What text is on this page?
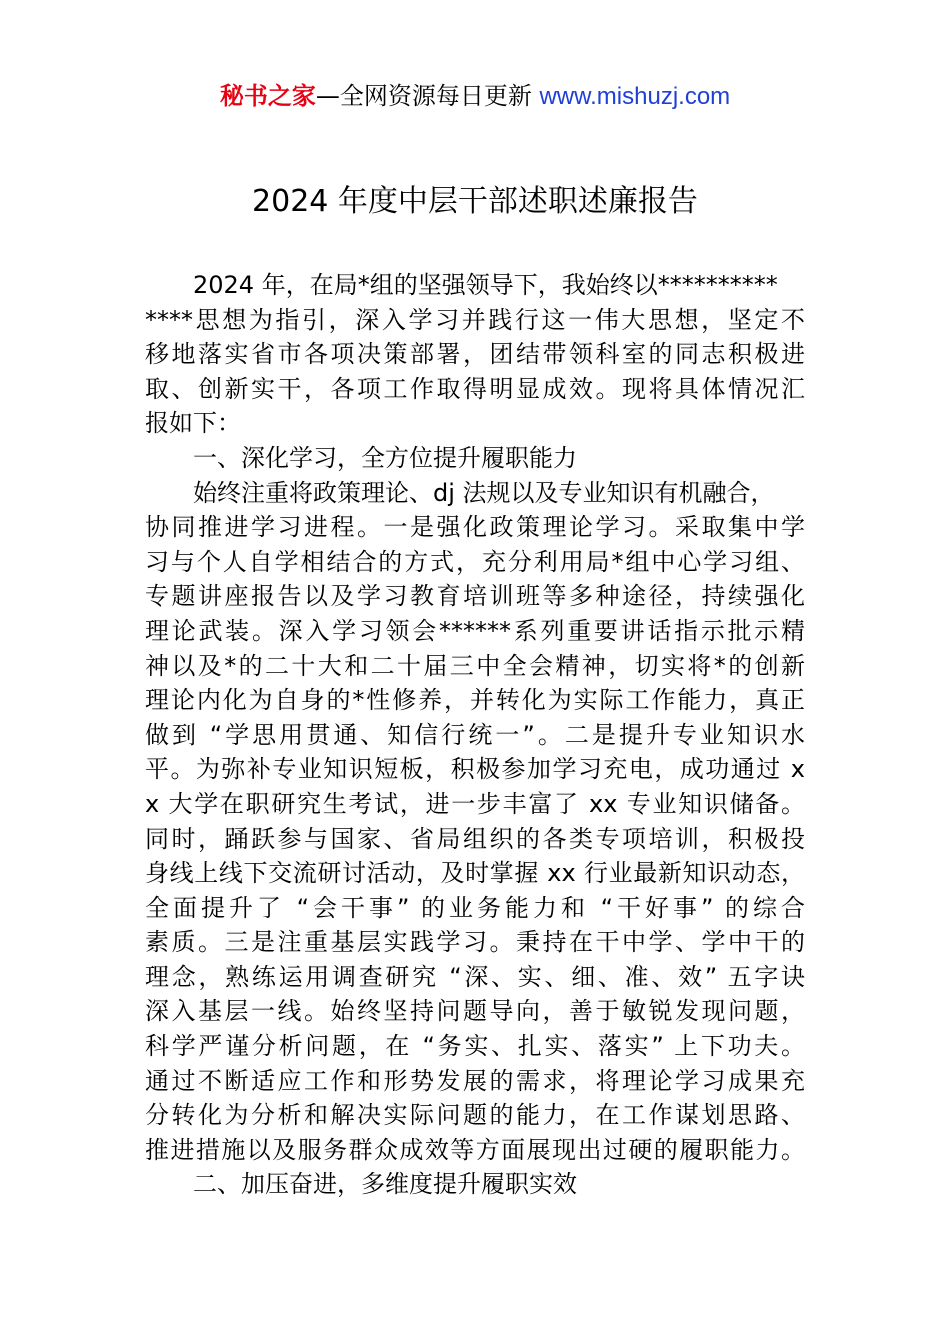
秘书之家—全网资源每日更新 www.mishuzj.com
2024 年度中层干部述职述廉报告
2024 年，在局*组的坚强领导下，我始终以**********
****思想为指引，深入学习并践行这一伟大思想，坚定不
移地落实省市各项决策部署，团结带领科室的同志积极进
取、创新实干，各项工作取得明显成效。现将具体情况汇
报如下：
一、深化学习，全方位提升履职能力
始终注重将政策理论、dj 法规以及专业知识有机融合，
协同推进学习进程。一是强化政策理论学习。采取集中学
习与个人自学相结合的方式，充分利用局*组中心学习组、
专题讲座报告以及学习教育培训班等多种途径，持续强化
理论武装。深入学习领会******系列重要讲话指示批示精
神以及*的二十大和二十届三中全会精神，切实将*的创新
理论内化为自身的*性修养，并转化为实际工作能力，真正
做到 “学思用贯通、知信行统一”。二是提升专业知识水
平。为弥补专业知识短板，积极参加学习充电，成功通过 x
x 大学在职研究生考试，进一步丰富了 xx 专业知识储备。
同时，踊跃参与国家、省局组织的各类专项培训，积极投
身线上线下交流研讨活动，及时掌握 xx 行业最新知识动态，
全面提升了 “会干事” 的业务能力和 “干好事” 的综合
素质。三是注重基层实践学习。秉持在干中学、学中干的
理念，熟练运用调查研究 “深、实、细、准、效” 五字诀
深入基层一线。始终坚持问题导向，善于敏锐发现问题，
科学严谨分析问题，在 “务实、扎实、落实” 上下功夫。
通过不断适应工作和形势发展的需求，将理论学习成果充
分转化为分析和解决实际问题的能力，在工作谋划思路、
推进措施以及服务群众成效等方面展现出过硬的履职能力。
二、加压奋进，多维度提升履职实效
